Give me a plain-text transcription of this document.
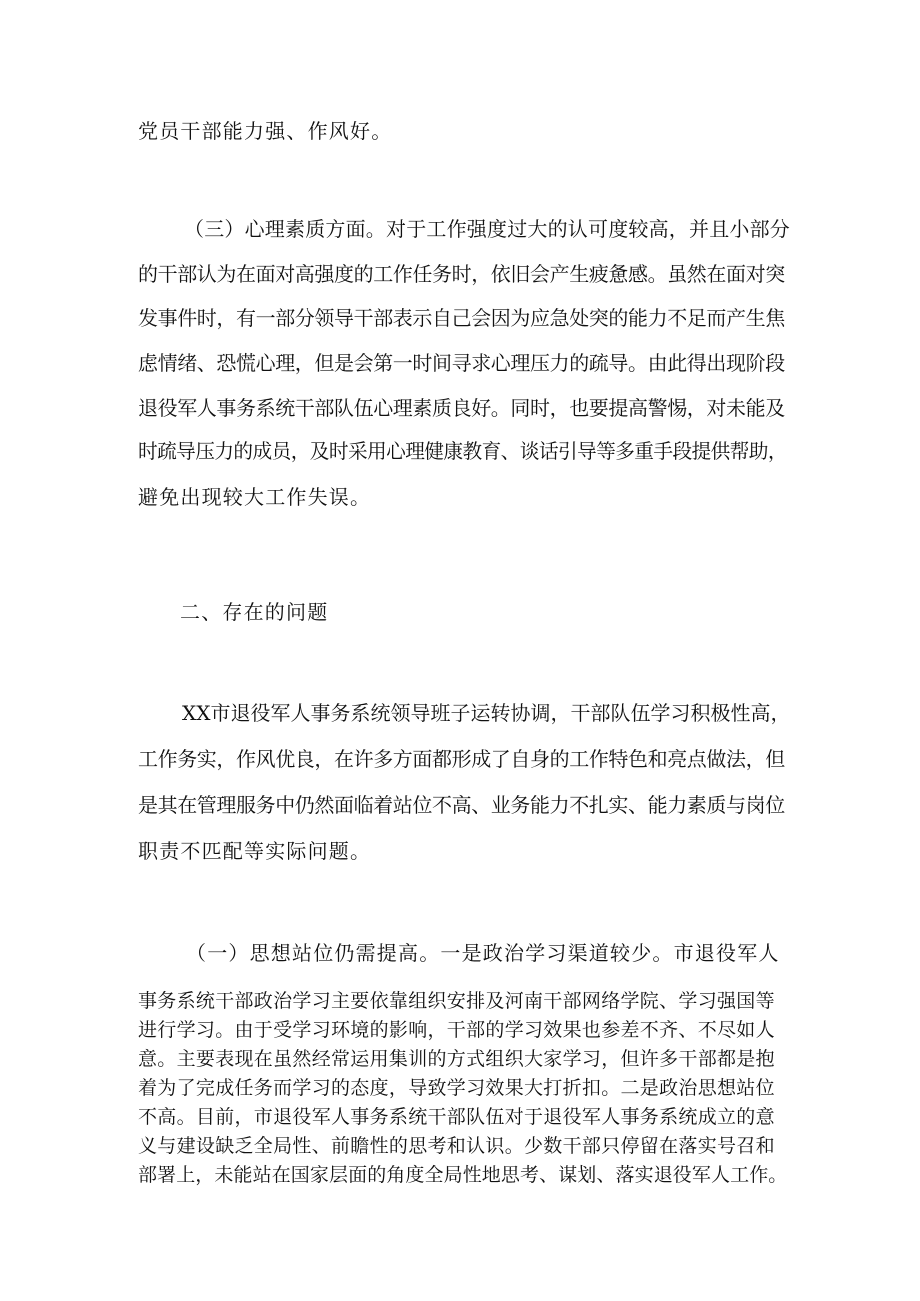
党员干部能力强、作风好。
（三）心理素质方面。对于工作强度过大的认可度较高，并且小部分
的干部认为在面对高强度的工作任务时，依旧会产生疲惫感。虽然在面对突
发事件时，有一部分领导干部表示自己会因为应急处突的能力不足而产生焦
虑情绪、恐慌心理，但是会第一时间寻求心理压力的疏导。由此得出现阶段
退役军人事务系统干部队伍心理素质良好。同时，也要提高警惕，对未能及
时疏导压力的成员，及时采用心理健康教育、谈话引导等多重手段提供帮助，
避免出现较大工作失误。
二、存在的问题
XX市退役军人事务系统领导班子运转协调，干部队伍学习积极性高，
工作务实，作风优良，在许多方面都形成了自身的工作特色和亮点做法，但
是其在管理服务中仍然面临着站位不高、业务能力不扎实、能力素质与岗位
职责不匹配等实际问题。
（一）思想站位仍需提高。一是政治学习渠道较少。市退役军人
事务系统干部政治学习主要依靠组织安排及河南干部网络学院、学习强国等
进行学习。由于受学习环境的影响，干部的学习效果也参差不齐、不尽如人
意。主要表现在虽然经常运用集训的方式组织大家学习，但许多干部都是抱
着为了完成任务而学习的态度，导致学习效果大打折扣。二是政治思想站位
不高。目前，市退役军人事务系统干部队伍对于退役军人事务系统成立的意
义与建设缺乏全局性、前瞻性的思考和认识。少数干部只停留在落实号召和
部署上，未能站在国家层面的角度全局性地思考、谋划、落实退役军人工作。
